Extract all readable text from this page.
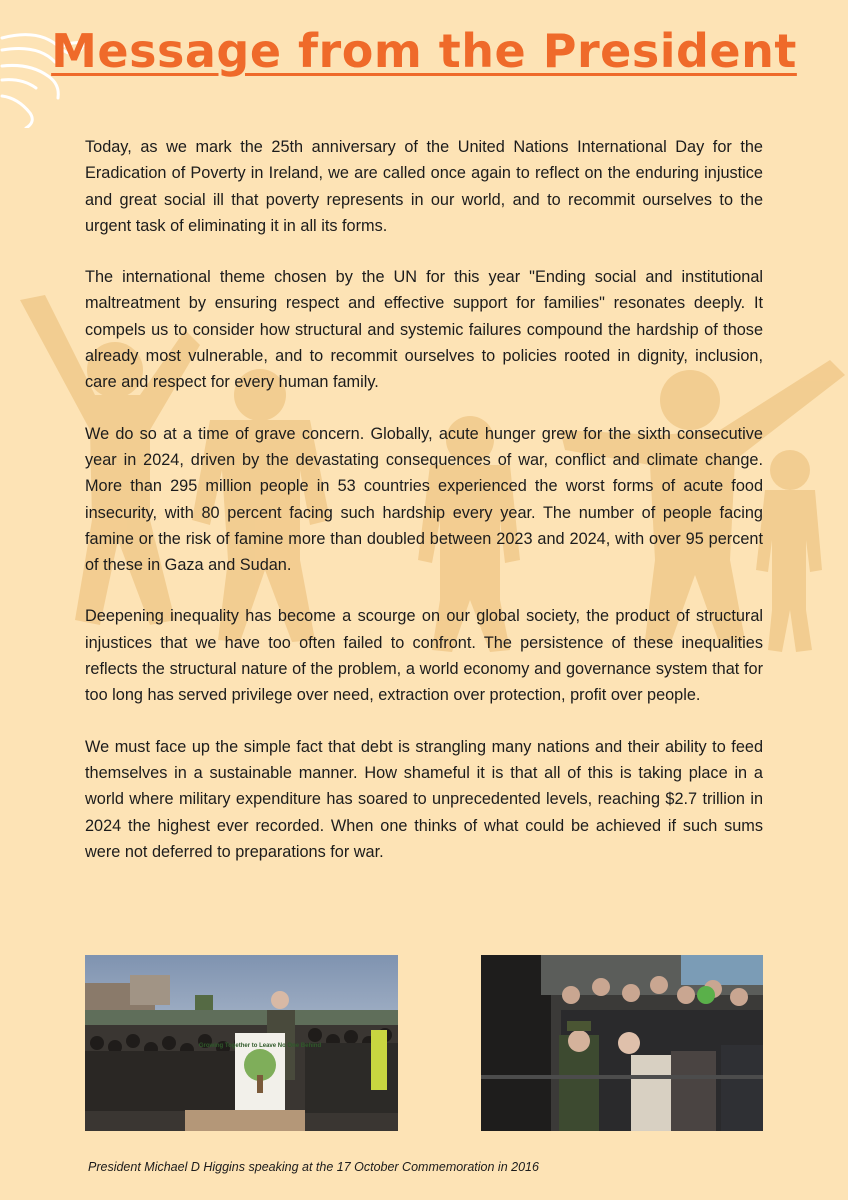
Message from the President

Today, as we mark the 25th anniversary of the United Nations International Day for the Eradication of Poverty in Ireland, we are called once again to reflect on the enduring injustice and great social ill that poverty represents in our world, and to recommit ourselves to the urgent task of eliminating it in all its forms.

The international theme chosen by the UN for this year "Ending social and institutional maltreatment by ensuring respect and effective support for families" resonates deeply. It compels us to consider how structural and systemic failures compound the hardship of those already most vulnerable, and to recommit ourselves to policies rooted in dignity, inclusion, care and respect for every human family.

We do so at a time of grave concern. Globally, acute hunger grew for the sixth consecutive year in 2024, driven by the devastating consequences of war, conflict and climate change. More than 295 million people in 53 countries experienced the worst forms of acute food insecurity, with 80 percent facing such hardship every year. The number of people facing famine or the risk of famine more than doubled between 2023 and 2024, with over 95 percent of these in Gaza and Sudan.

Deepening inequality has become a scourge on our global society, the product of structural injustices that we have too often failed to confront. The persistence of these inequalities reflects the structural nature of the problem, a world economy and governance system that for too long has served privilege over need, extraction over protection, profit over people.

We must face up the simple fact that debt is strangling many nations and their ability to feed themselves in a sustainable manner. How shameful it is that all of this is taking place in a world where military expenditure has soared to unprecedented levels, reaching $2.7 trillion in 2024 the highest ever recorded. When one thinks of what could be achieved if such sums were not deferred to preparations for war.

Growing Together to Leave No One Behind

President Michael D Higgins speaking at the 17 October Commemoration in 2016
